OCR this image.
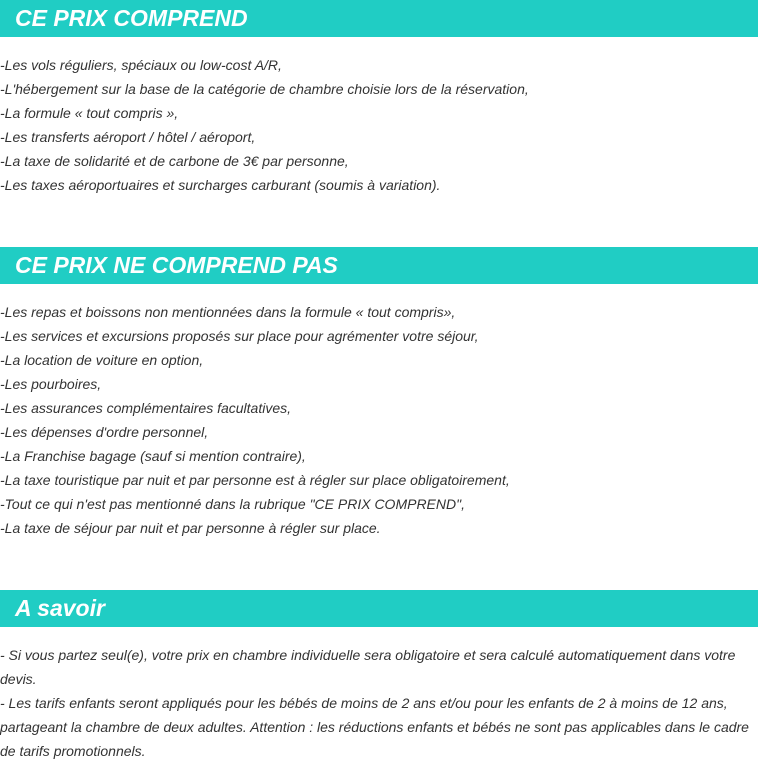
CE PRIX COMPREND
-Les vols réguliers, spéciaux ou low-cost A/R,
-L'hébergement sur la base de la catégorie de chambre choisie lors de la réservation,
-La formule « tout compris »,
-Les transferts aéroport / hôtel / aéroport,
-La taxe de solidarité et de carbone de 3€ par personne,
-Les taxes aéroportuaires et surcharges carburant (soumis à variation).
CE PRIX NE COMPREND PAS
-Les repas et boissons non mentionnées dans la formule « tout compris»,
-Les services et excursions proposés sur place pour agrémenter votre séjour,
-La location de voiture en option,
-Les pourboires,
-Les assurances complémentaires facultatives,
-Les dépenses d'ordre personnel,
-La Franchise bagage (sauf si mention contraire),
-La taxe touristique par nuit et par personne est à régler sur place obligatoirement,
-Tout ce qui n'est pas mentionné dans la rubrique "CE PRIX COMPREND",
-La taxe de séjour par nuit et par personne à régler sur place.
A savoir

- Si vous partez seul(e), votre prix en chambre individuelle sera obligatoire et sera calculé automatiquement dans votre devis.

- Les tarifs enfants seront appliqués pour les bébés de moins de 2 ans et/ou pour les enfants de 2 à moins de 12 ans, partageant la chambre de deux adultes. Attention : les réductions enfants et bébés ne sont pas applicables dans le cadre de tarifs promotionnels.
